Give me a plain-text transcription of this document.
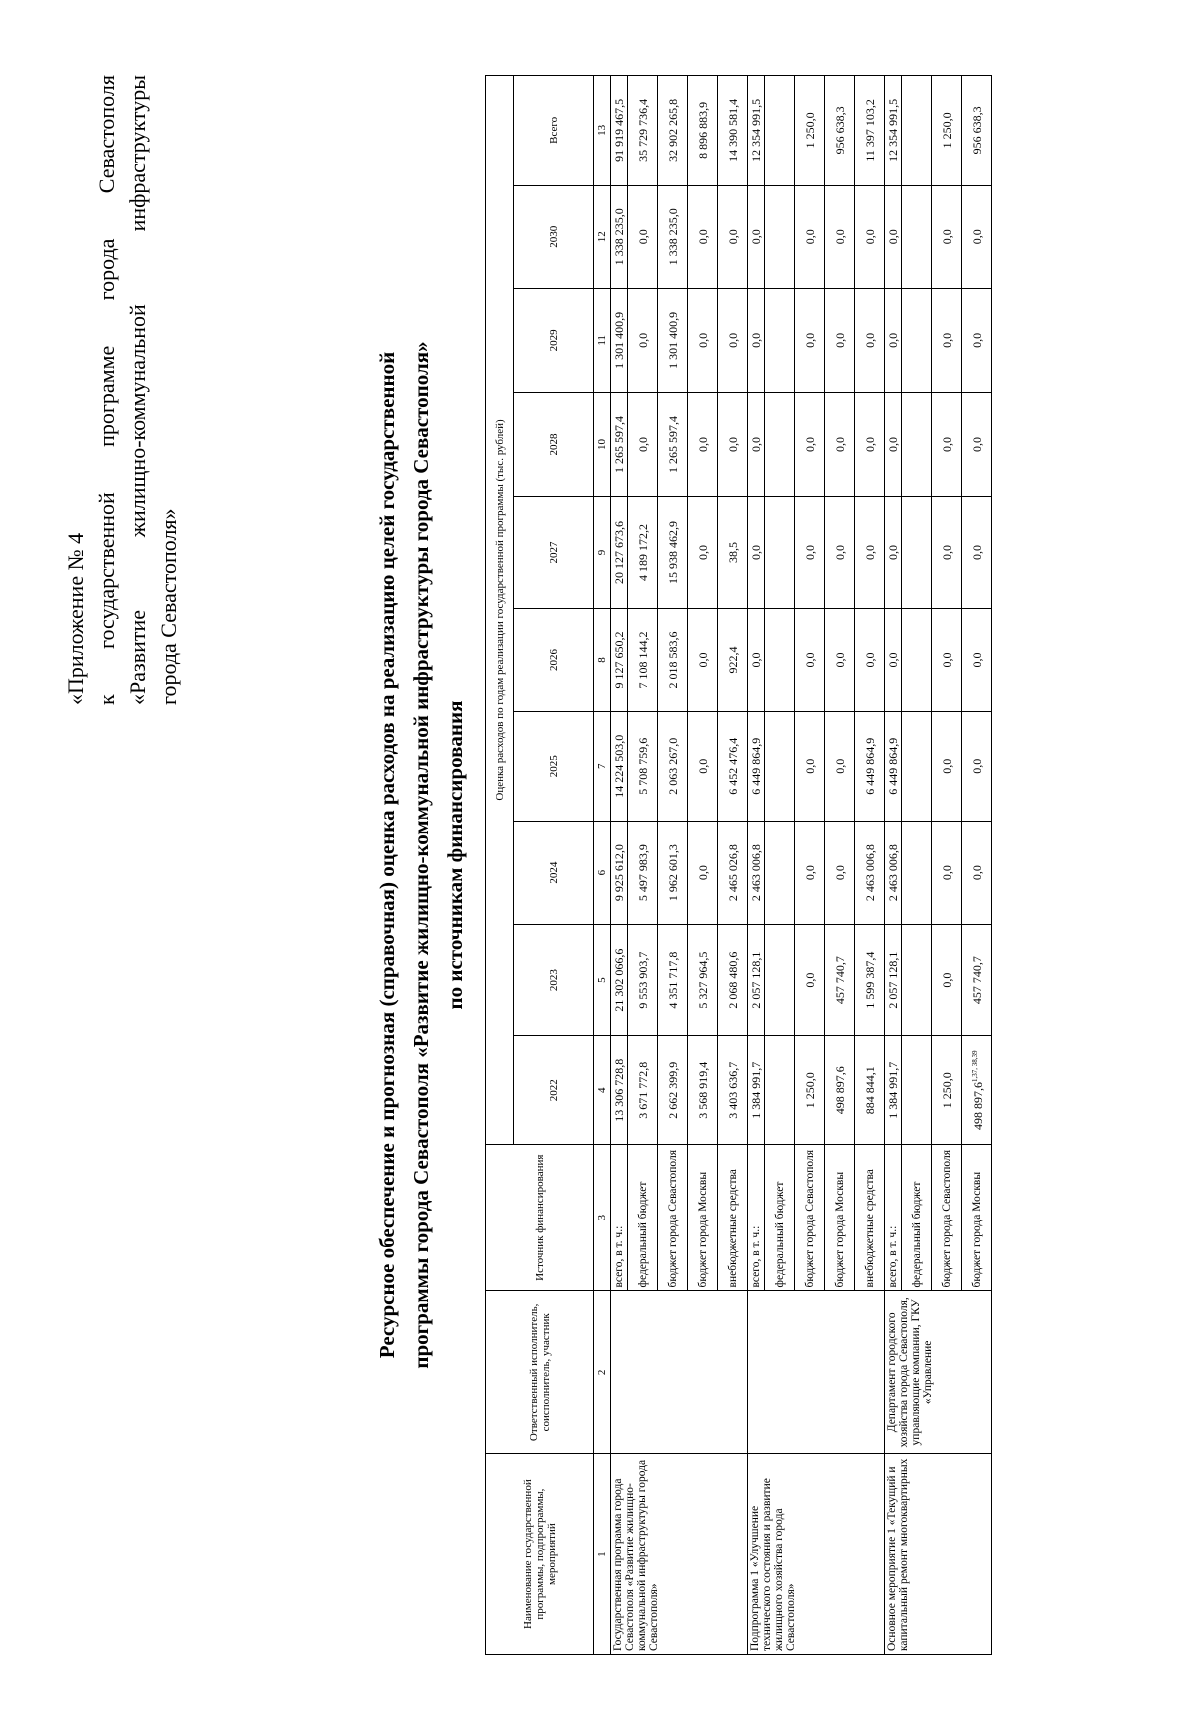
«Приложение № 4 к государственной программе города Севастополя «Развитие жилищно-коммунальной инфраструктуры города Севастополя»	Ресурсное обеспечение и прогнозная (справочная) оценка расходов на реализацию целей государственной программы города Севастополя «Развитие жилищно-коммунальной инфраструктуры города Севастополя» по источникам финансирования
Наименование государственной программы, подпрограммы, мероприятий	Ответственный исполнитель, соисполнитель, участник	Источник финансирования	Оценка расходов по годам реализации государственной программы (тыс. рублей)									
			2022	2023	2024	2025	2026	2027	2028	2029	2030	Всего
1	2	3	4	5	6	7	8	9	10	11	12	13
Государственная программа города Севастополя «Развитие жилищно-коммунальной инфраструктуры города Севастополя»		всего, в т. ч.:	13 306 728,8	21 302 066,6	9 925 612,0	14 224 503,0	9 127 650,2	20 127 673,6	1 265 597,4	1 301 400,9	1 338 235,0	91 919 467,5
		федеральный бюджет	3 671 772,8	9 553 903,7	5 497 983,9	5 708 759,6	7 108 144,2	4 189 172,2	0,0	0,0	0,0	35 729 736,4
		бюджет города Севастополя	2 662 399,9	4 351 717,8	1 962 601,3	2 063 267,0	2 018 583,6	15 938 462,9	1 265 597,4	1 301 400,9	1 338 235,0	32 902 265,8
		бюджет города Москвы	3 568 919,4	5 327 964,5	0,0	0,0	0,0	0,0	0,0	0,0	0,0	8 896 883,9
		внебюджетные средства	3 403 636,7	2 068 480,6	2 465 026,8	6 452 476,4	922,4	38,5	0,0	0,0	0,0	14 390 581,4
Подпрограмма 1 «Улучшение технического состояния и развитие жилищного хозяйства города Севастополя»		всего, в т. ч.:	1 384 991,7	2 057 128,1	2 463 006,8	6 449 864,9	0,0	0,0	0,0	0,0	0,0	12 354 991,5
		федеральный бюджет										
		бюджет города Севастополя	1 250,0	0,0	0,0	0,0	0,0	0,0	0,0	0,0	0,0	1 250,0
		бюджет города Москвы	498 897,6	457 740,7	0,0	0,0	0,0	0,0	0,0	0,0	0,0	956 638,3
		внебюджетные средства	884 844,1	1 599 387,4	2 463 006,8	6 449 864,9	0,0	0,0	0,0	0,0	0,0	11 397 103,2
Основное мероприятие 1 «Текущий и капитальный ремонт многоквартирных	Департамент городского хозяйства города Севастополя, управляющие компании, ГКУ «Управление	всего, в т. ч.:	1 384 991,7	2 057 128,1	2 463 006,8	6 449 864,9	0,0	0,0	0,0	0,0	0,0	12 354 991,5
		федеральный бюджет										
		бюджет города Севастополя	1 250,0	0,0	0,0	0,0	0,0	0,0	0,0	0,0	0,0	1 250,0
		бюджет города Москвы	498 897,6$^{1,37, 38,39}$	457 740,7	0,0	0,0	0,0	0,0	0,0	0,0	0,0	956 638,3
